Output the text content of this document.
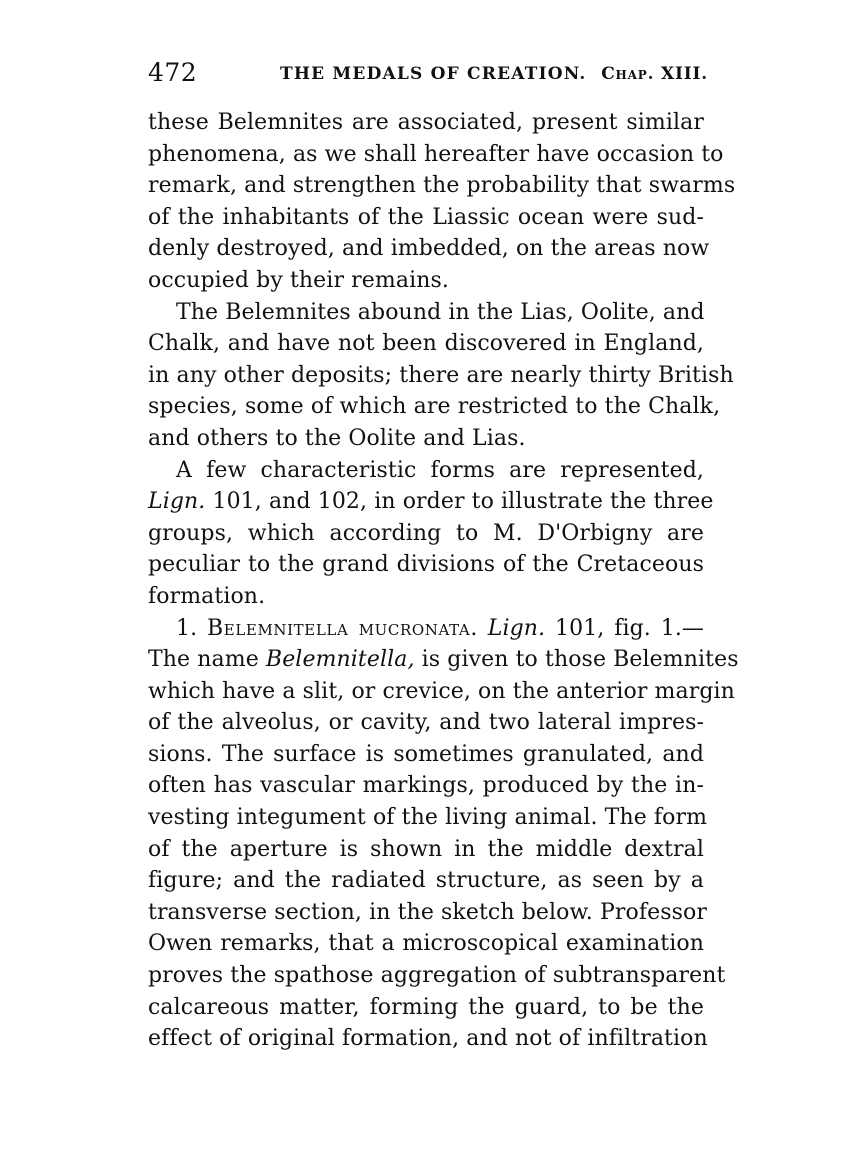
472	THE MEDALS OF CREATION. Chap. XIII.
these Belemnites are associated, present similar
phenomena, as we shall hereafter have occasion to
remark, and strengthen the probability that swarms
of the inhabitants of the Liassic ocean were sud-
denly destroyed, and imbedded, on the areas now
occupied by their remains.
The Belemnites abound in the Lias, Oolite, and
Chalk, and have not been discovered in England,
in any other deposits; there are nearly thirty British
species, some of which are restricted to the Chalk,
and others to the Oolite and Lias.
A few characteristic forms are represented,
Lign. 101, and 102, in order to illustrate the three
groups, which according to M. D'Orbigny are
peculiar to the grand divisions of the Cretaceous
formation.
1. Belemnitella mucronata. Lign. 101, fig. 1.—
The name Belemnitella, is given to those Belemnites
which have a slit, or crevice, on the anterior margin
of the alveolus, or cavity, and two lateral impres-
sions. The surface is sometimes granulated, and
often has vascular markings, produced by the in-
vesting integument of the living animal. The form
of the aperture is shown in the middle dextral
figure; and the radiated structure, as seen by a
transverse section, in the sketch below. Professor
Owen remarks, that a microscopical examination
proves the spathose aggregation of subtransparent
calcareous matter, forming the guard, to be the
effect of original formation, and not of infiltration
